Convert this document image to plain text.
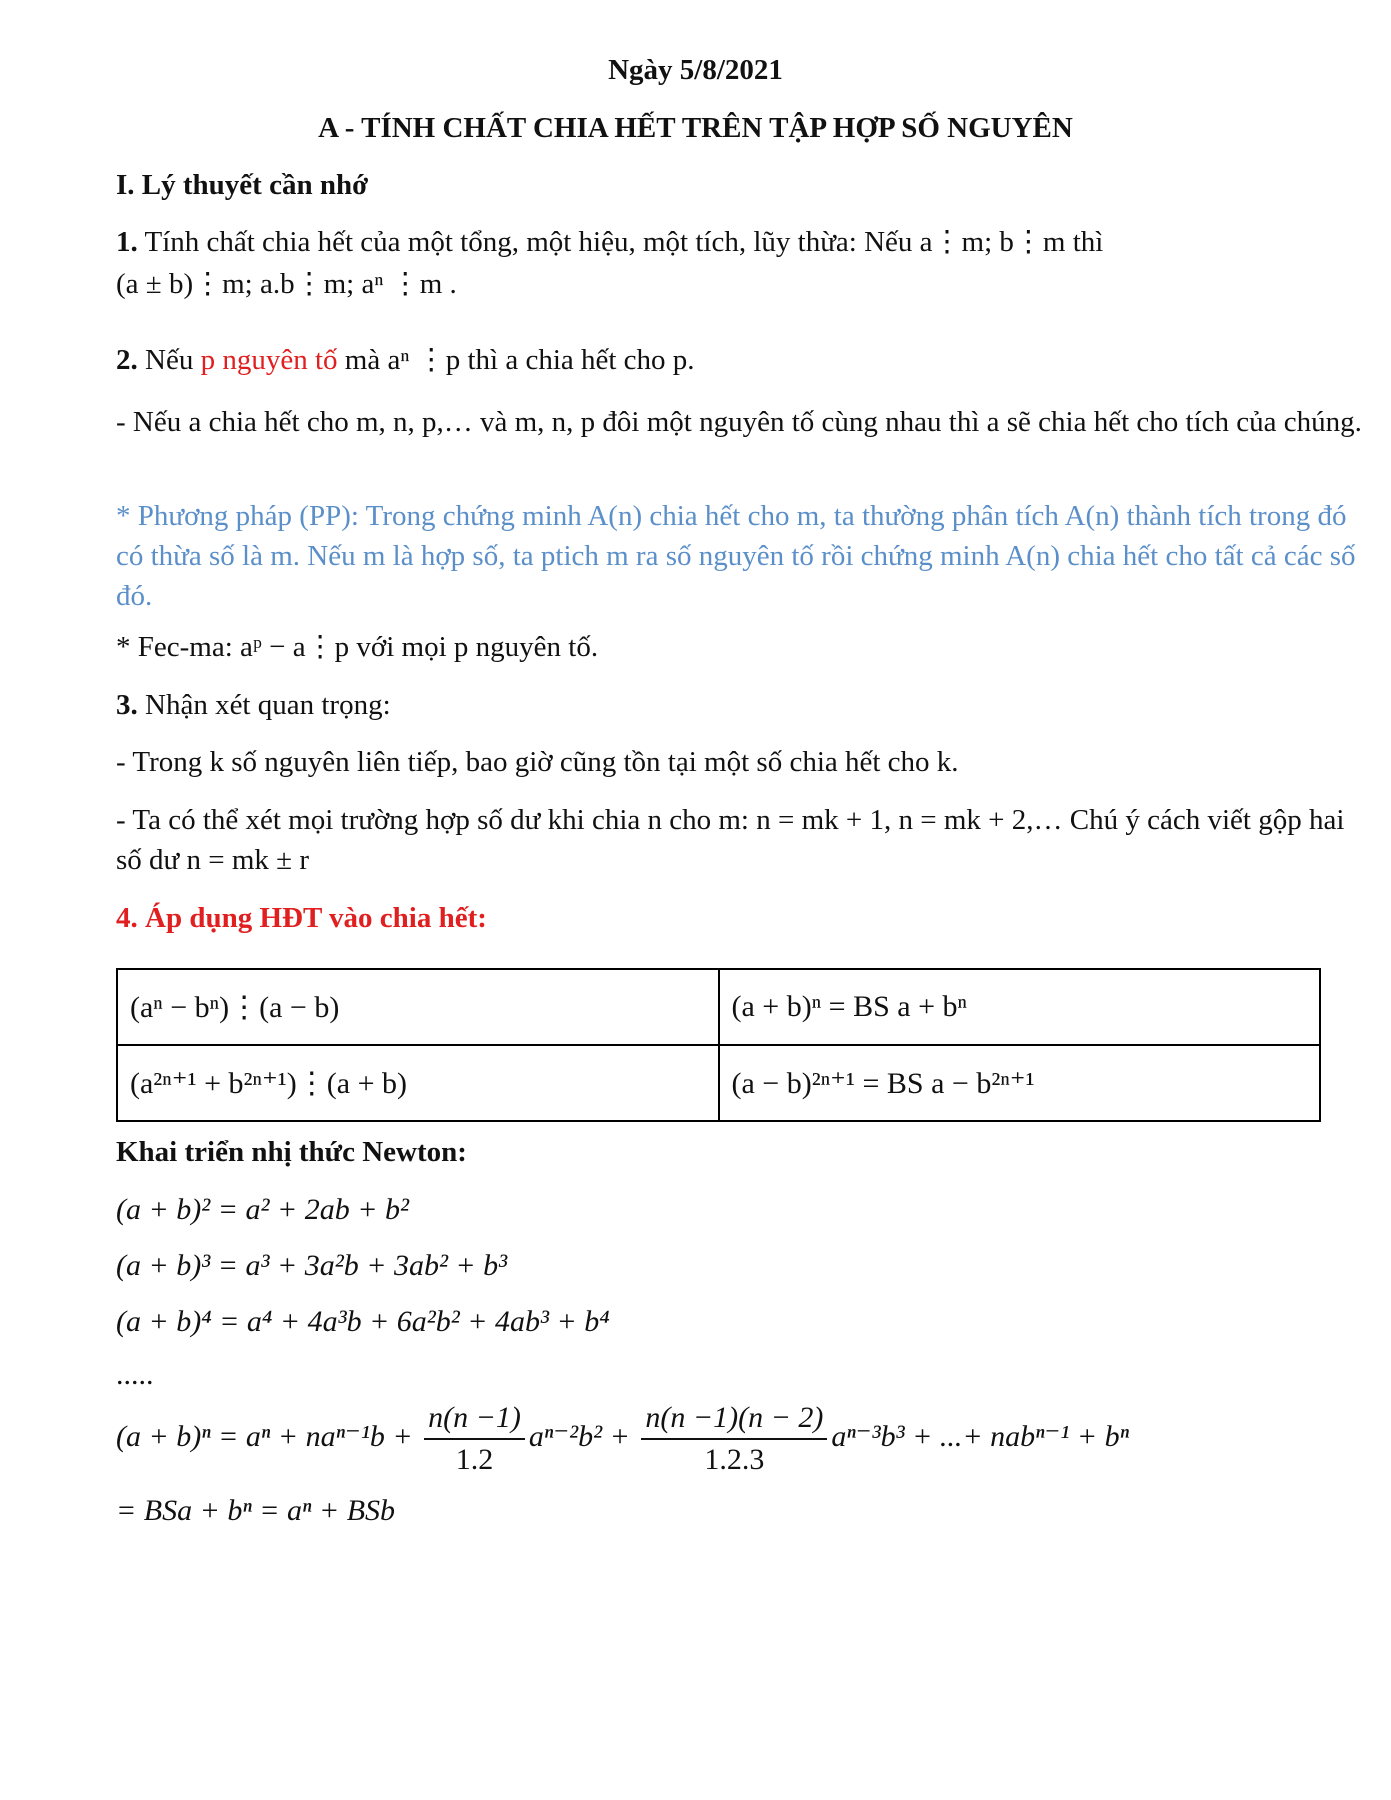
Ngày 5/8/2021
A - TÍNH CHẤT CHIA HẾT TRÊN TẬP HỢP SỐ NGUYÊN
I. Lý thuyết cần nhớ
1. Tính chất chia hết của một tổng, một hiệu, một tích, lũy thừa: Nếu a⋮m; b⋮m thì
(a ± b)⋮m; a.b⋮m; aⁿ ⋮m .
2. Nếu p nguyên tố mà aⁿ ⋮p thì a chia hết cho p.
- Nếu a chia hết cho m, n, p,… và m, n, p đôi một nguyên tố cùng nhau thì a sẽ chia hết cho tích của chúng.
* Phương pháp (PP): Trong chứng minh A(n) chia hết cho m, ta thường phân tích A(n) thành tích trong đó có thừa số là m. Nếu m là hợp số, ta ptich m ra số nguyên tố rồi chứng minh A(n) chia hết cho tất cả các số đó.
* Fec-ma: aᵖ − a⋮p với mọi p nguyên tố.
3. Nhận xét quan trọng:
- Trong k số nguyên liên tiếp, bao giờ cũng tồn tại một số chia hết cho k.
- Ta có thể xét mọi trường hợp số dư khi chia n cho m: n = mk + 1, n = mk + 2,… Chú ý cách viết gộp hai số dư n = mk ± r
4. Áp dụng HĐT vào chia hết:
(aⁿ − bⁿ)⋮(a − b)	(a + b)ⁿ = BS a + bⁿ
(a²ⁿ⁺¹ + b²ⁿ⁺¹)⋮(a + b)	(a − b)²ⁿ⁺¹ = BS a − b²ⁿ⁺¹
Khai triển nhị thức Newton:
(a + b)² = a² + 2ab + b²
(a + b)³ = a³ + 3a²b + 3ab² + b³
(a + b)⁴ = a⁴ + 4a³b + 6a²b² + 4ab³ + b⁴
.....
$(a + b)^n = a^n + na^{n-1}b + \frac{n(n -1)}{1.2} a^{n-2}b^2 + \frac{n(n -1)(n - 2)}{1.2.3} a^{n-3}b^3$ + ...+ nabⁿ⁻¹ + bⁿ
= BSa + bⁿ = aⁿ + BSb
